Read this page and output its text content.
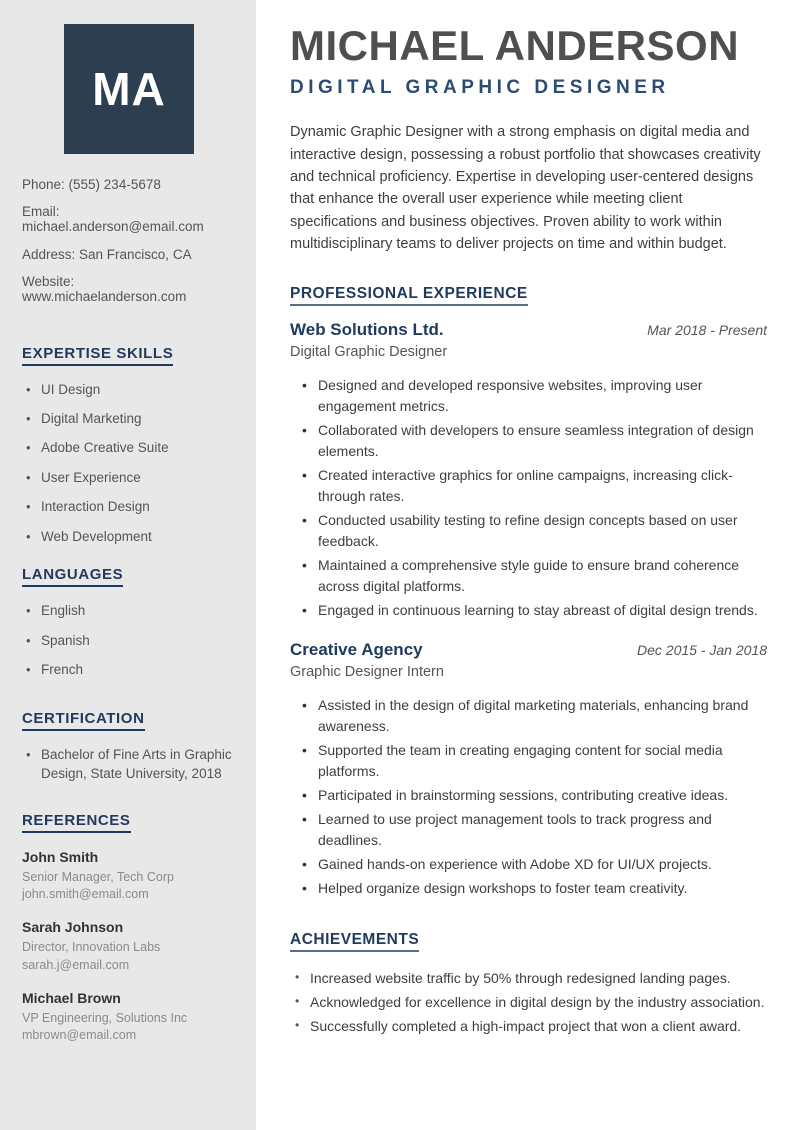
MA

Phone: (555) 234-5678

Email: michael.anderson@email.com

Address: San Francisco, CA

Website: www.michaelanderson.com

EXPERTISE SKILLS
• UI Design
• Digital Marketing
• Adobe Creative Suite
• User Experience
• Interaction Design
• Web Development
LANGUAGES
• English
• Spanish
• French
CERTIFICATION
• Bachelor of Fine Arts in Graphic Design, State University, 2018
REFERENCES

John Smith

Senior Manager, Tech Corp

john.smith@email.com

Sarah Johnson

Director, Innovation Labs

sarah.j@email.com

Michael Brown

VP Engineering, Solutions Inc

mbrown@email.com

MICHAEL ANDERSON
DIGITAL GRAPHIC DESIGNER

Dynamic Graphic Designer with a strong emphasis on digital media and interactive design, possessing a robust portfolio that showcases creativity and technical proficiency. Expertise in developing user-centered designs that enhance the overall user experience while meeting client specifications and business objectives. Proven ability to work within multidisciplinary teams to deliver projects on time and within budget.

PROFESSIONAL EXPERIENCE
Web Solutions Ltd.	Mar 2018 - Present

Digital Graphic Designer

• Designed and developed responsive websites, improving user engagement metrics.
• Collaborated with developers to ensure seamless integration of design elements.
• Created interactive graphics for online campaigns, increasing click-through rates.
• Conducted usability testing to refine design concepts based on user feedback.
• Maintained a comprehensive style guide to ensure brand coherence across digital platforms.
• Engaged in continuous learning to stay abreast of digital design trends.
Creative Agency	Dec 2015 - Jan 2018

Graphic Designer Intern

• Assisted in the design of digital marketing materials, enhancing brand awareness.
• Supported the team in creating engaging content for social media platforms.
• Participated in brainstorming sessions, contributing creative ideas.
• Learned to use project management tools to track progress and deadlines.
• Gained hands-on experience with Adobe XD for UI/UX projects.
• Helped organize design workshops to foster team creativity.
ACHIEVEMENTS
• Increased website traffic by 50% through redesigned landing pages.
• Acknowledged for excellence in digital design by the industry association.
• Successfully completed a high-impact project that won a client award.
